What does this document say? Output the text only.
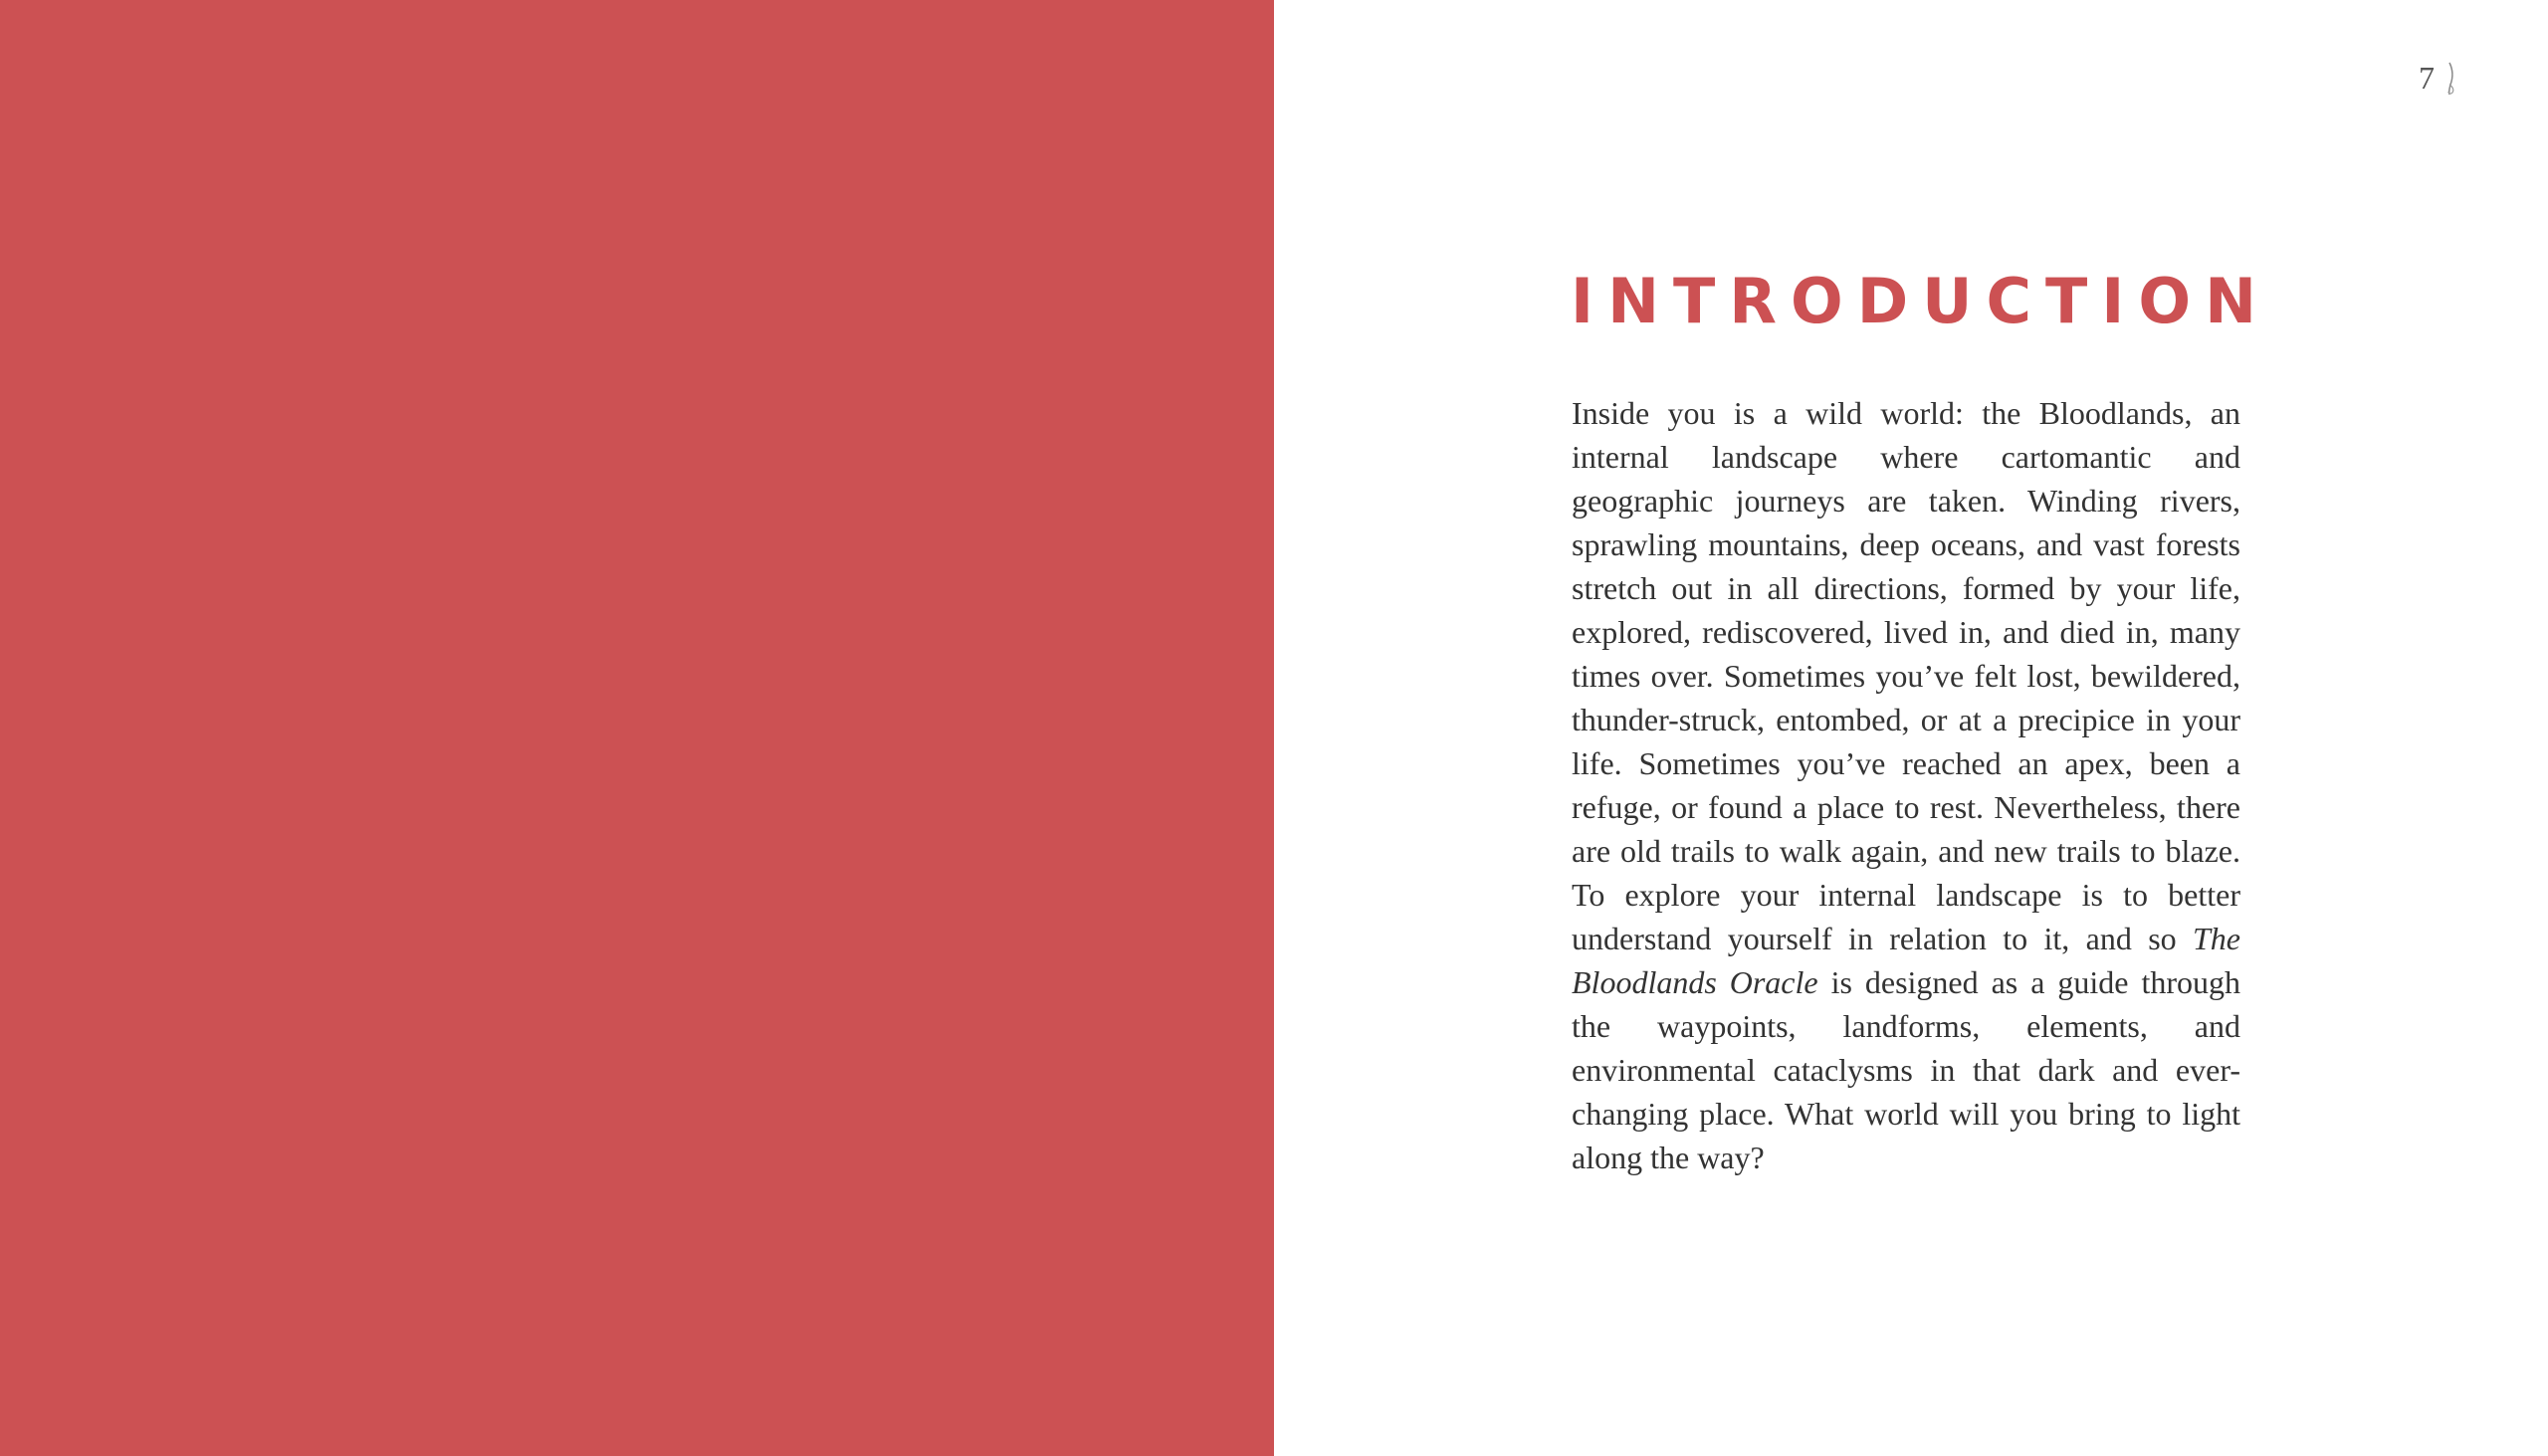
7
INTRODUCTION

Inside you is a wild world: the Bloodlands, an internal landscape where cartomantic and geographic journeys are taken. Winding rivers, sprawling mountains, deep oceans, and vast forests stretch out in all directions, formed by your life, explored, rediscovered, lived in, and died in, many times over. Sometimes you’ve felt lost, bewildered, thunder-struck, entombed, or at a precipice in your life. Sometimes you’ve reached an apex, been a refuge, or found a place to rest. Nevertheless, there are old trails to walk again, and new trails to blaze. To explore your internal landscape is to better understand yourself in relation to it, and so The Bloodlands Oracle is designed as a guide through the waypoints, landforms, elements, and environmental cataclysms in that dark and ever-changing place. What world will you bring to light along the way?
